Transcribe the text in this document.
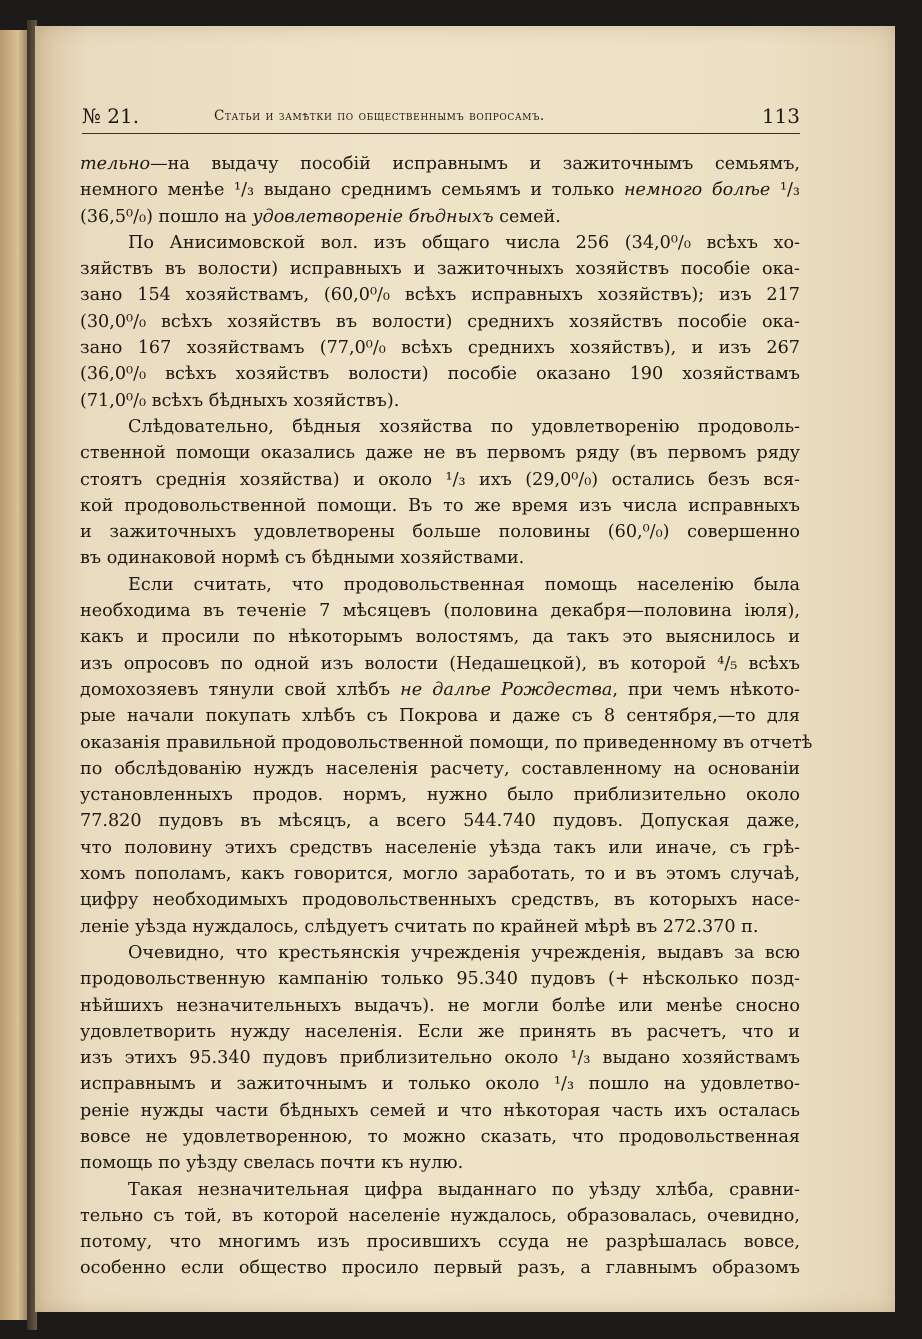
№ 21.	Статьи и замѣтки по общественнымъ вопросамъ.	113
тельно—на выдачу пособій исправнымъ и зажиточнымъ семьямъ,
немного менѣе ¹/₃ выдано среднимъ семьямъ и только немного болѣе ¹/₃
(36,5⁰/₀) пошло на удовлетвореніе бѣдныхъ семей.
По Анисимовской вол. изъ общаго числа 256 (34,0⁰/₀ всѣхъ хо-
зяйствъ въ волости) исправныхъ и зажиточныхъ хозяйствъ пособіе ока-
зано 154 хозяйствамъ, (60,0⁰/₀ всѣхъ исправныхъ хозяйствъ); изъ 217
(30,0⁰/₀ всѣхъ хозяйствъ въ волости) среднихъ хозяйствъ пособіе ока-
зано 167 хозяйствамъ (77,0⁰/₀ всѣхъ среднихъ хозяйствъ), и изъ 267
(36,0⁰/₀ всѣхъ хозяйствъ волости) пособіе оказано 190 хозяйствамъ
(71,0⁰/₀ всѣхъ бѣдныхъ хозяйствъ).
Слѣдовательно, бѣдныя хозяйства по удовлетворенію продоволь-
ственной помощи оказались даже не въ первомъ ряду (въ первомъ ряду
стоятъ среднія хозяйства) и около ¹/₃ ихъ (29,0⁰/₀) остались безъ вся-
кой продовольственной помощи. Въ то же время изъ числа исправныхъ
и зажиточныхъ удовлетворены больше половины (60,⁰/₀) совершенно
въ одинаковой нормѣ съ бѣдными хозяйствами.
Если считать, что продовольственная помощь населенію была
необходима въ теченіе 7 мѣсяцевъ (половина декабря—половина іюля),
какъ и просили по нѣкоторымъ волостямъ, да такъ это выяснилось и
изъ опросовъ по одной изъ волости (Недашецкой), въ которой ⁴/₅ всѣхъ
домохозяевъ тянули свой хлѣбъ не далѣе Рождества, при чемъ нѣкото-
рые начали покупать хлѣбъ съ Покрова и даже съ 8 сентября,—то для
оказанія правильной продовольственной помощи, по приведенному въ отчетѣ
по обслѣдованію нуждъ населенія расчету, составленному на основаніи
установленныхъ продов. нормъ, нужно было приблизительно около
77.820 пудовъ въ мѣсяцъ, а всего 544.740 пудовъ. Допуская даже,
что половину этихъ средствъ населеніе уѣзда такъ или иначе, съ грѣ-
хомъ пополамъ, какъ говорится, могло заработать, то и въ этомъ случаѣ,
цифру необходимыхъ продовольственныхъ средствъ, въ которыхъ насе-
леніе уѣзда нуждалось, слѣдуетъ считать по крайней мѣрѣ въ 272.370 п.
Очевидно, что крестьянскія учрежденія учрежденія, выдавъ за всю
продовольственную кампанію только 95.340 пудовъ (+ нѣсколько позд-
нѣйшихъ незначительныхъ выдачъ). не могли болѣе или менѣе сносно
удовлетворить нужду населенія. Если же принять въ расчетъ, что и
изъ этихъ 95.340 пудовъ приблизительно около ¹/₃ выдано хозяйствамъ
исправнымъ и зажиточнымъ и только около ¹/₃ пошло на удовлетво-
реніе нужды части бѣдныхъ семей и что нѣкоторая часть ихъ осталась
вовсе не удовлетворенною, то можно сказать, что продовольственная
помощь по уѣзду свелась почти къ нулю.
Такая незначительная цифра выданнаго по уѣзду хлѣба, сравни-
тельно съ той, въ которой населеніе нуждалось, образовалась, очевидно,
потому, что многимъ изъ просившихъ ссуда не разрѣшалась вовсе,
особенно если общество просило первый разъ, а главнымъ образомъ
